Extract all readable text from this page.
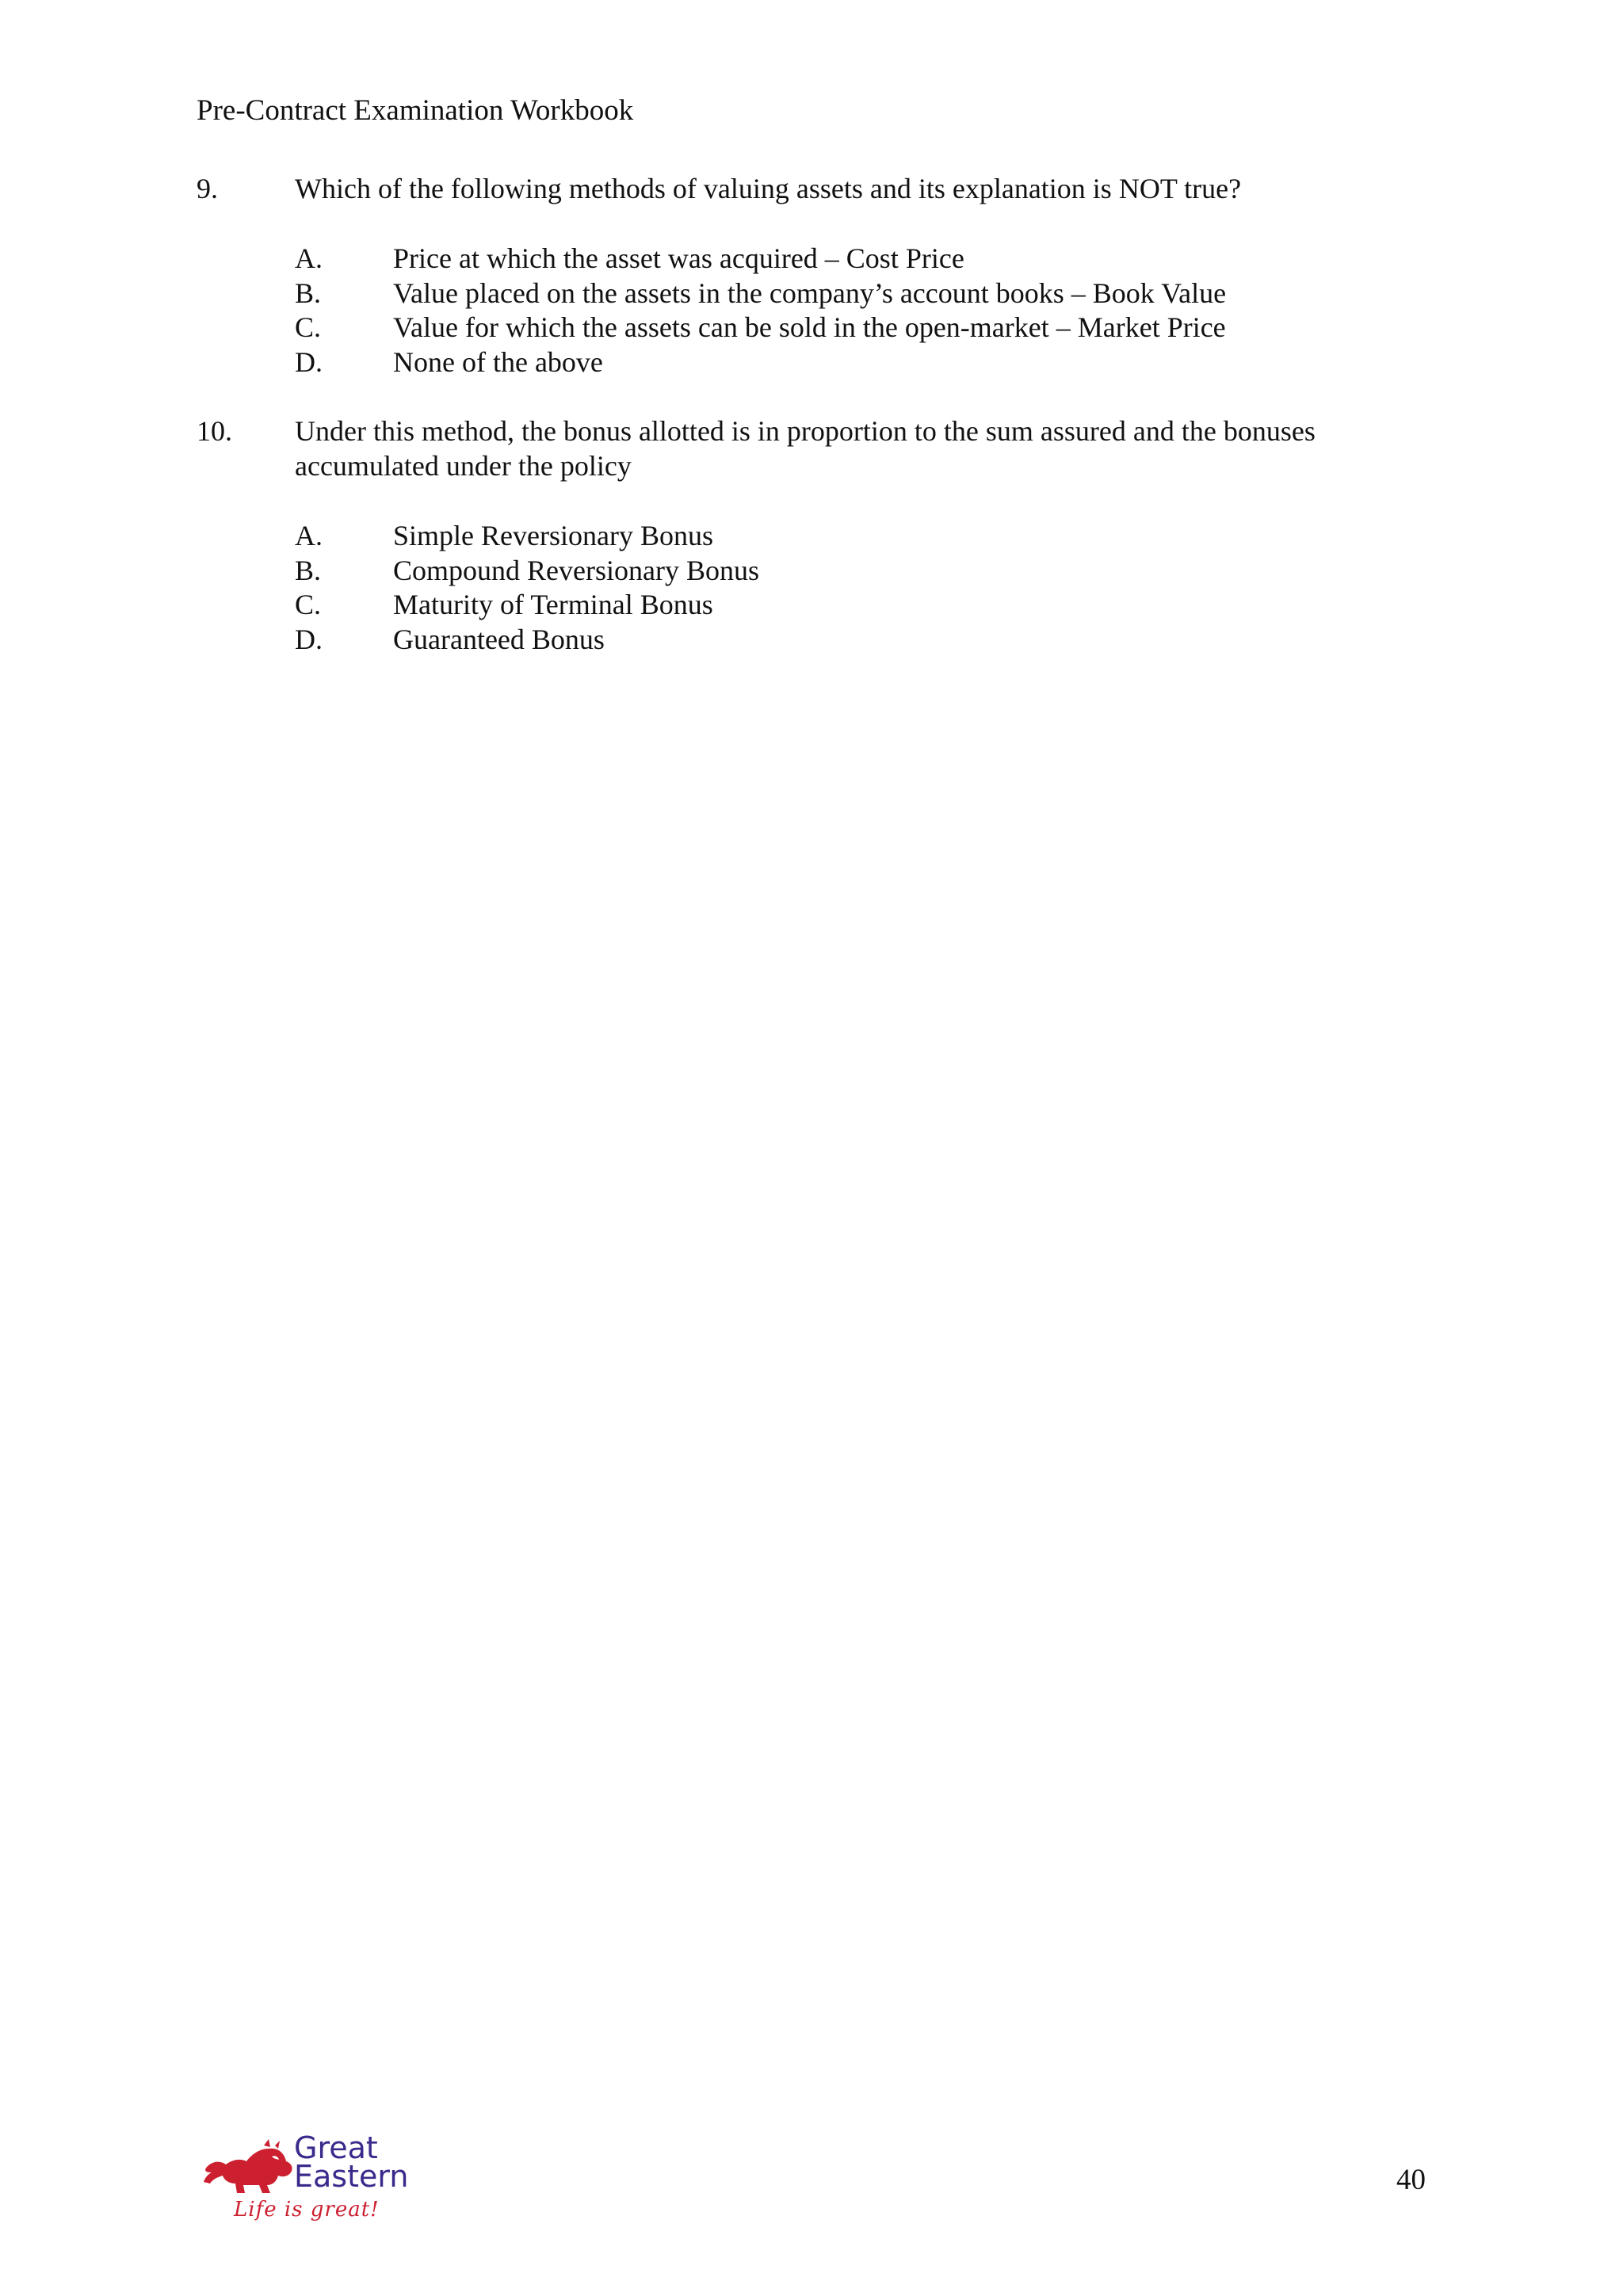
Pre-Contract Examination Workbook
9.	Which of the following methods of valuing assets and its explanation is NOT true?
A.	Price at which the asset was acquired – Cost Price
B.	Value placed on the assets in the company’s account books – Book Value
C.	Value for which the assets can be sold in the open-market – Market Price
D.	None of the above
10.	Under this method, the bonus allotted is in proportion to the sum assured and the bonuses accumulated under the policy
A.	Simple Reversionary Bonus
B.	Compound Reversionary Bonus
C.	Maturity of Terminal Bonus
D.	Guaranteed Bonus
Great
Eastern
Life is great!
40
